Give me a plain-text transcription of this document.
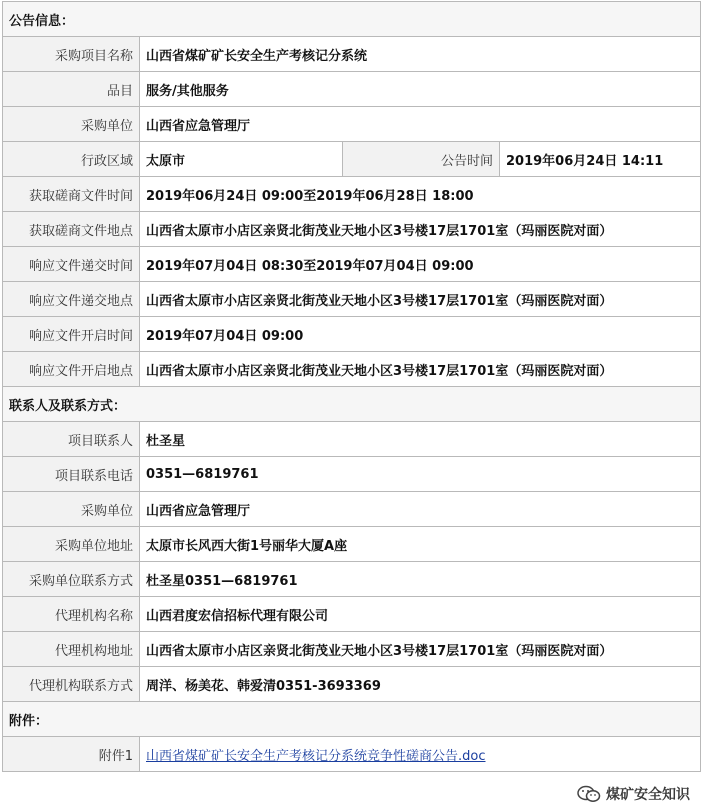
公告信息：			
采购项目名称	山西省煤矿矿长安全生产考核记分系统		
品目	服务/其他服务		
采购单位	山西省应急管理厅		
行政区域	太原市	公告时间	2019年06月24日 14:11
获取磋商文件时间	2019年06月24日 09:00至2019年06月28日 18:00		
获取磋商文件地点	山西省太原市小店区亲贤北街茂业天地小区3号楼17层1701室（玛丽医院对面）		
响应文件递交时间	2019年07月04日 08:30至2019年07月04日 09:00		
响应文件递交地点	山西省太原市小店区亲贤北街茂业天地小区3号楼17层1701室（玛丽医院对面）		
响应文件开启时间	2019年07月04日 09:00		
响应文件开启地点	山西省太原市小店区亲贤北街茂业天地小区3号楼17层1701室（玛丽医院对面）		
联系人及联系方式：			
项目联系人	杜圣星		
项目联系电话	0351—6819761		
采购单位	山西省应急管理厅		
采购单位地址	太原市长风西大街1号丽华大厦A座		
采购单位联系方式	杜圣星0351—6819761		
代理机构名称	山西君度宏信招标代理有限公司		
代理机构地址	山西省太原市小店区亲贤北街茂业天地小区3号楼17层1701室（玛丽医院对面）		
代理机构联系方式	周洋、杨美花、韩爱清0351-3693369		
附件：			
附件1	山西省煤矿矿长安全生产考核记分系统竞争性磋商公告.doc		
煤矿安全知识
